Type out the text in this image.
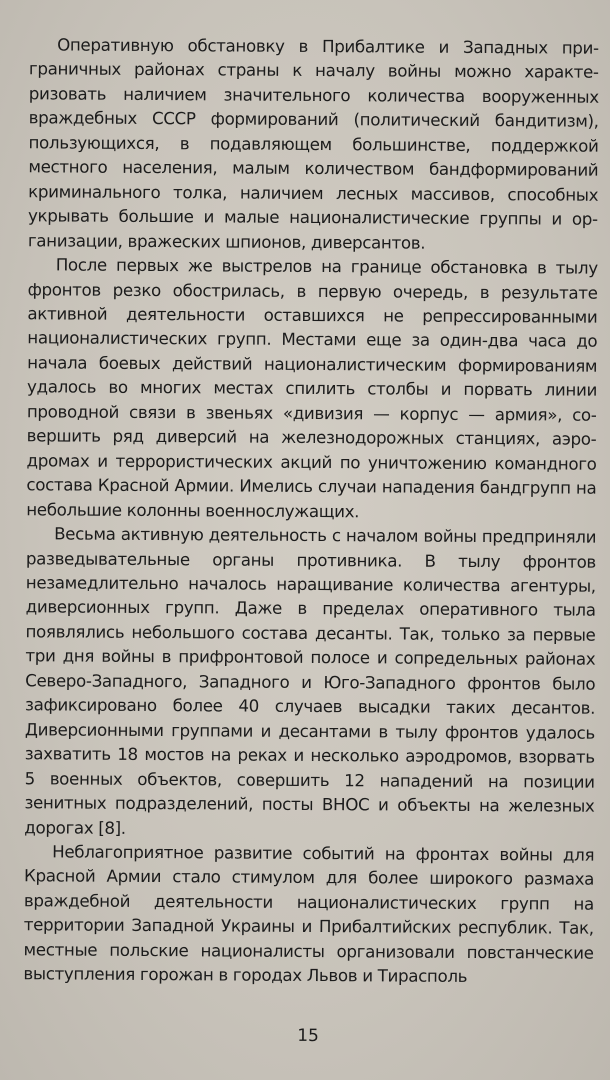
Оперативную обстановку в Прибалтике и Западных приграничных районах страны к началу войны можно характеризовать наличием значительного количества вооруженных враждебных СССР формирований (политический бандитизм), пользующихся, в подавляющем большинстве, поддержкой местного населения, малым количеством бандформирований криминального толка, наличием лесных массивов, способных укрывать большие и малые националистические группы и организации, вражеских шпионов, диверсантов.

После первых же выстрелов на границе обстановка в тылу фронтов резко обострилась, в первую очередь, в результате активной деятельности оставшихся не репрессированными националистических групп. Местами еще за один-два часа до начала боевых действий националистическим формированиям удалось во многих местах спилить столбы и порвать линии проводной связи в звеньях «дивизия — корпус — армия», совершить ряд диверсий на железнодорожных станциях, аэродромах и террористических акций по уничтожению командного состава Красной Армии. Имелись случаи нападения бандгрупп на небольшие колонны военнослужащих.

Весьма активную деятельность с началом войны предприняли разведывательные органы противника. В тылу фронтов незамедлительно началось наращивание количества агентуры, диверсионных групп. Даже в пределах оперативного тыла появлялись небольшого состава десанты. Так, только за первые три дня войны в прифронтовой полосе и сопредельных районах Северо-Западного, Западного и Юго-Западного фронтов было зафиксировано более 40 случаев высадки таких десантов. Диверсионными группами и десантами в тылу фронтов удалось захватить 18 мостов на реках и несколько аэродромов, взорвать 5 военных объектов, совершить 12 нападений на позиции зенитных подразделений, посты ВНОС и объекты на железных дорогах [8].

Неблагоприятное развитие событий на фронтах войны для Красной Армии стало стимулом для более широкого размаха враждебной деятельности националистических групп на территории Западной Украины и Прибалтийских республик. Так, местные польские националисты организовали повстанческие выступления горожан в городах Львов и Тирасполь

15
